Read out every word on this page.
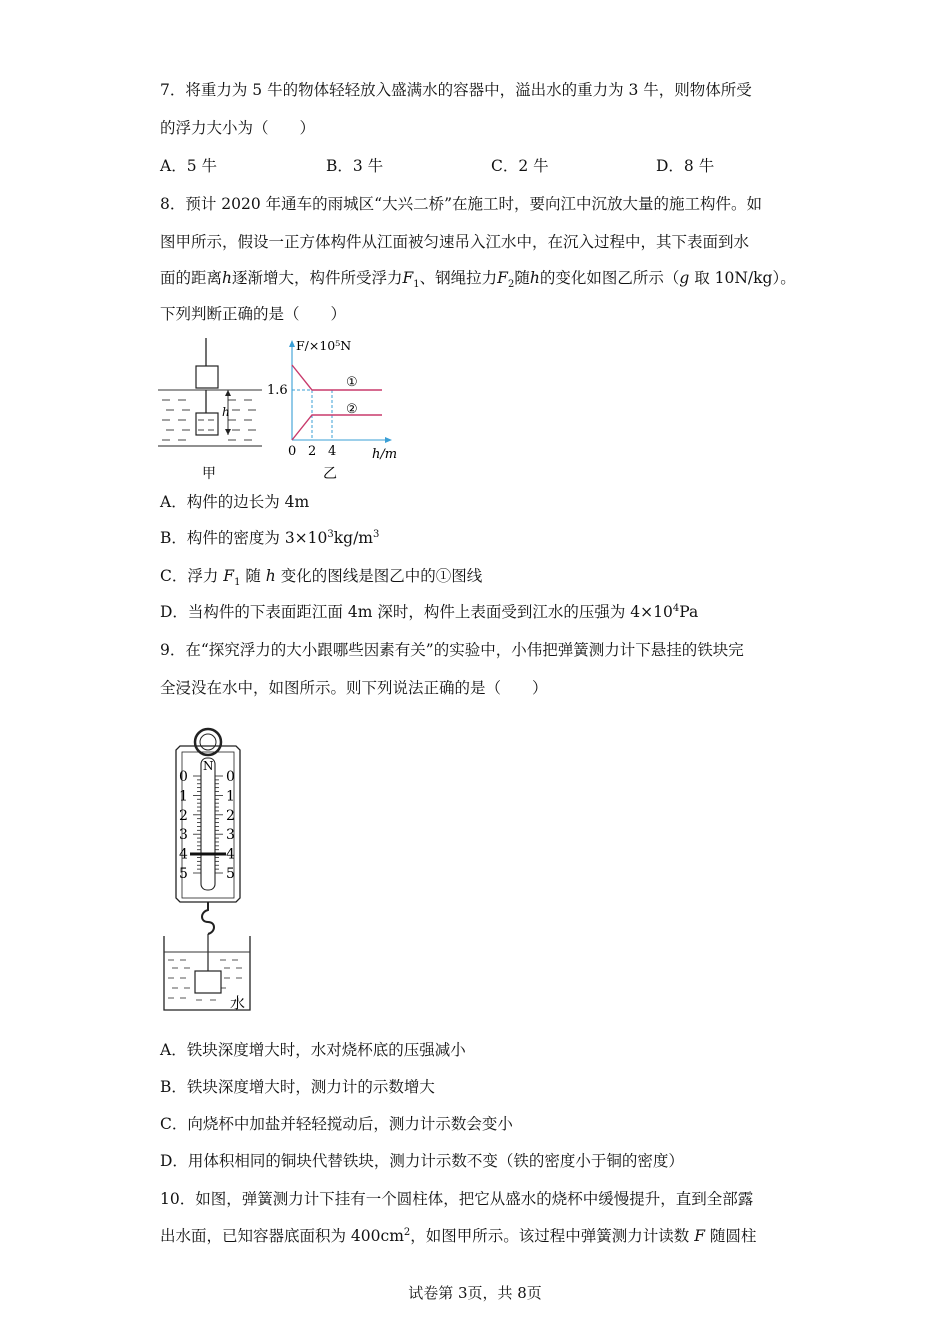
7．将重力为 5 牛的物体轻轻放入盛满水的容器中，溢出水的重力为 3 牛，则物体所受
的浮力大小为（　　）
A．5 牛	B．3 牛	C．2 牛	D．8 牛
8．预计 2020 年通车的雨城区“大兴二桥”在施工时，要向江中沉放大量的施工构件。如
图甲所示，假设一正方体构件从江面被匀速吊入江水中，在沉入过程中，其下表面到水
面的距离h逐渐增大，构件所受浮力$F_1$、钢绳拉力$F_2$随h的变化如图乙所示（g 取 10N/kg）。
下列判断正确的是（　　）
h
甲
F/×10⁵N
h/m
1.6
0 2 4
①
②
乙
A．构件的边长为 4m
B．构件的密度为 $3\times 10^3kg/m^3$
C．浮力 $F_1$ 随 h 变化的图线是图乙中的①图线
D．当构件的下表面距江面 4m 深时，构件上表面受到江水的压强为 $4\times 10^4Pa$
9．在“探究浮力的大小跟哪些因素有关”的实验中，小伟把弹簧测力计下悬挂的铁块完
全浸没在水中，如图所示。则下列说法正确的是（　　）
N
0
1
2
3
4
5
0
1
2
3
4
5
水
A．铁块深度增大时，水对烧杯底的压强减小
B．铁块深度增大时，测力计的示数增大
C．向烧杯中加盐并轻轻搅动后，测力计示数会变小
D．用体积相同的铜块代替铁块，测力计示数不变（铁的密度小于铜的密度）
10．如图，弹簧测力计下挂有一个圆柱体，把它从盛水的烧杯中缓慢提升，直到全部露
出水面，已知容器底面积为 $400cm^2$，如图甲所示。该过程中弹簧测力计读数 F 随圆柱
试卷第 3页，共 8页
